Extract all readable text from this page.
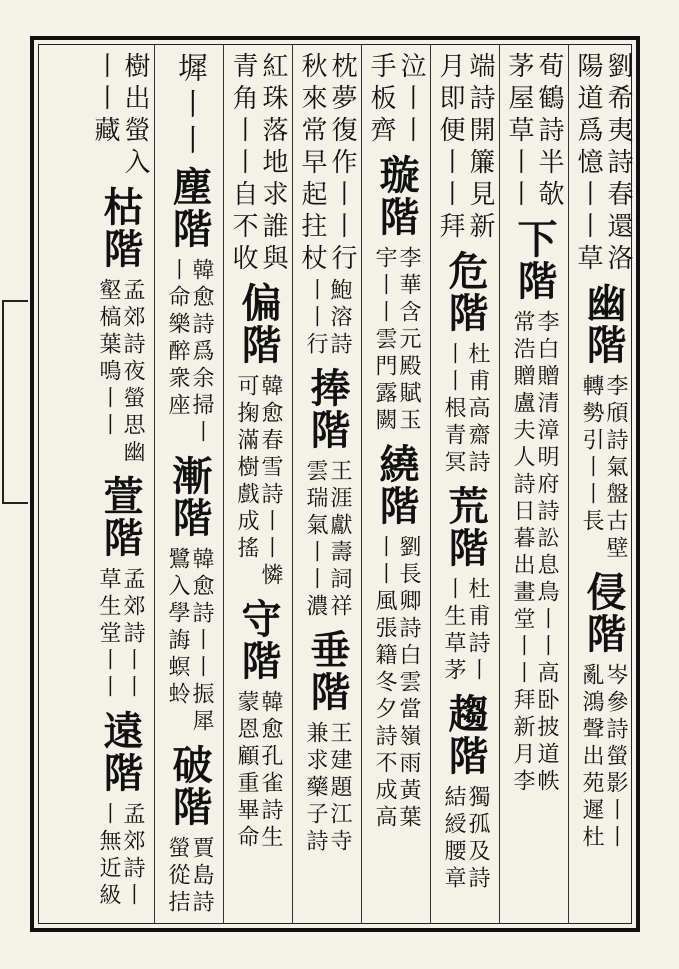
劉希夷詩春還洛
陽道爲憶丨丨草
幽階
李頎詩氣盤古壁
轉勢引丨丨長
侵階
岑參詩螢影丨丨
亂鴻聲出苑遲杜
荀鶴詩半欹
茅屋草丨丨
下階
李白贈清漳明府詩訟息鳥丨丨高卧披道帙
常浩贈盧夫人詩日暮出畫堂丨丨拜新月李
端詩開簾見新
月即便丨丨拜
危階
杜甫高齋詩
丨丨根青冥
荒階
杜甫詩丨
丨生草茅
趨階
獨孤及詩
結綬腰章
泣丨丨
手板齊
璇階
李華含元殿賦玉
宇丨丨雲門露闕
繞階
劉長卿詩白雲當嶺雨黃葉
丨丨風張籍冬夕詩不成高
枕夢復作丨丨行
秋來常早起拄杖
鮑溶詩
丨丨行
捧階
王涯獻壽詞祥
雲瑞氣丨丨濃
垂階
王建題江寺
兼求藥子詩
紅珠落地求誰與
青角丨丨自不收
偏階
韓愈春雪詩丨丨憐
可掬滿樹戲成搖
守階
韓愈孔雀詩生
蒙恩顧重畢命
墀丨丨
塵階
韓愈詩爲余掃丨
丨命樂醉衆座
漸階
韓愈詩丨丨振犀
鷺入學誨螟蛉
破階
賈島詩
螢從拮
樹出螢入
丨丨藏
枯階
孟郊詩夜螢思幽
壑槁葉鳴丨丨
萱階
孟郊詩丨丨
草生堂丨丨
遠階
孟郊詩丨
丨無近級
